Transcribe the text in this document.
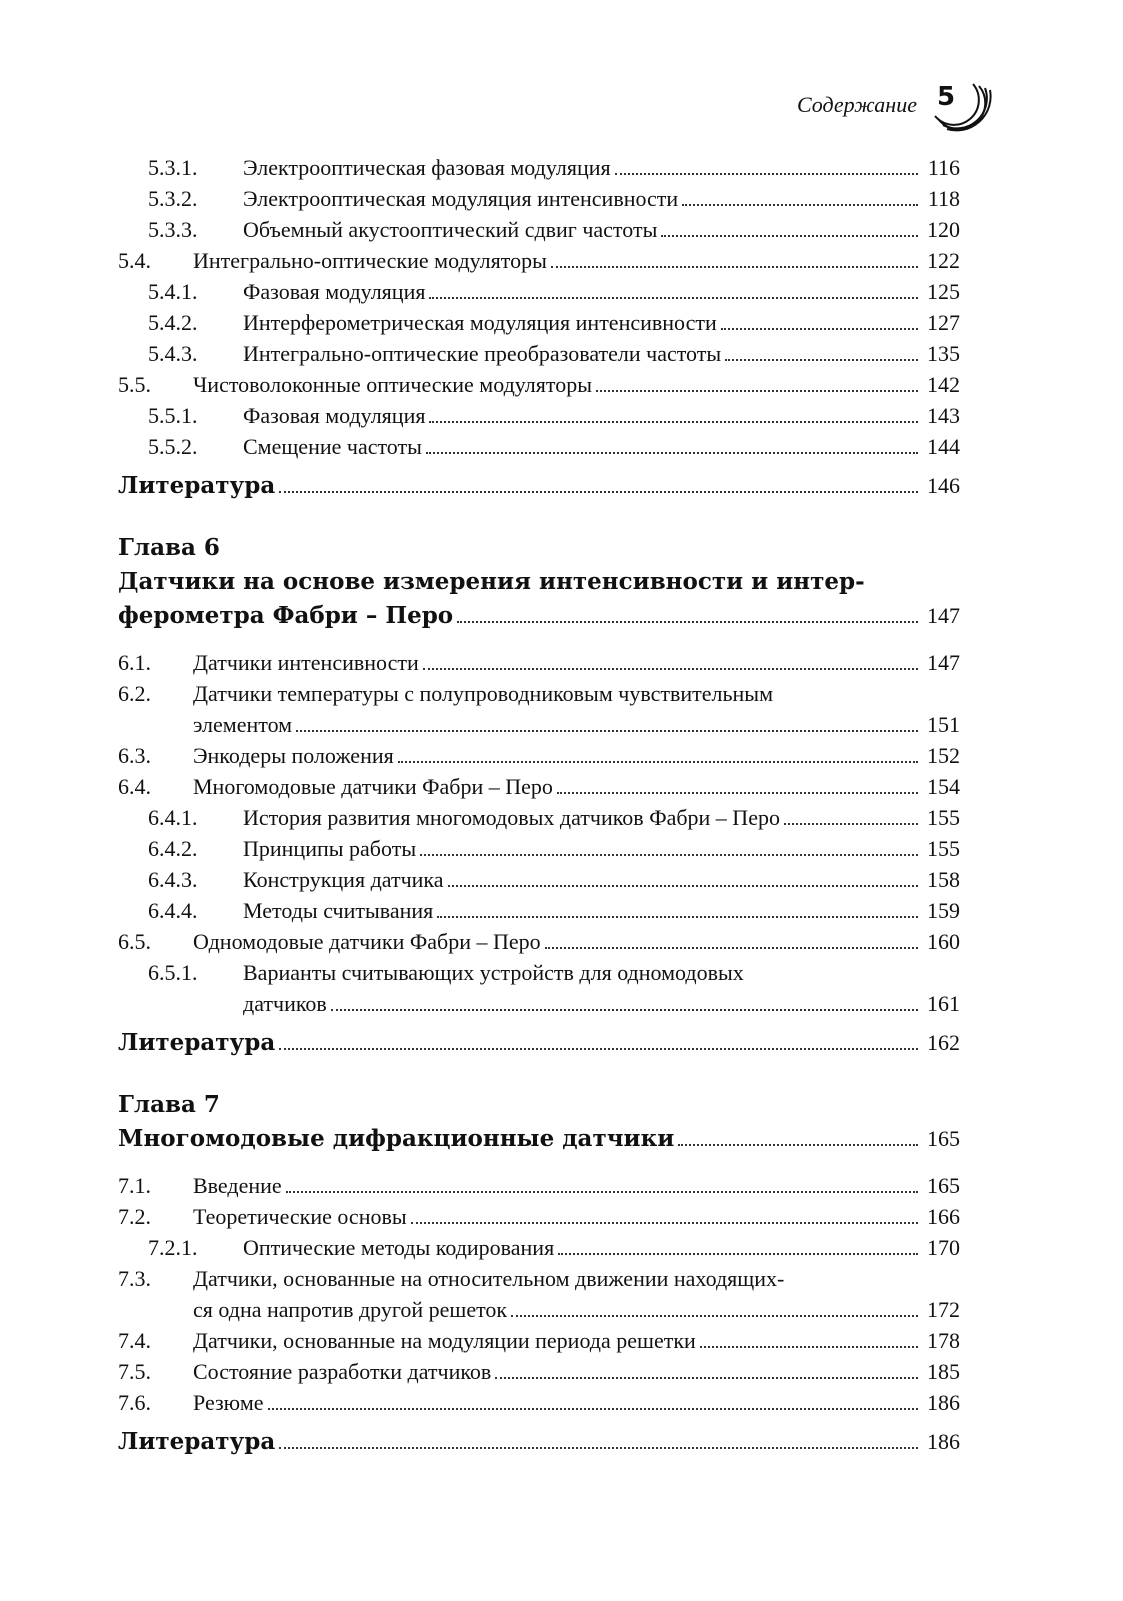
Содержание 5
5.3.1.	Электрооптическая фазовая модуляция	116
5.3.2.	Электрооптическая модуляция интенсивности	118
5.3.3.	Объемный акустооптический сдвиг частоты	120
5.4.	Интегрально-оптические модуляторы	122
5.4.1.	Фазовая модуляция	125
5.4.2.	Интерферометрическая модуляция интенсивности	127
5.4.3.	Интегрально-оптические преобразователи частоты	135
5.5.	Чистоволоконные оптические модуляторы	142
5.5.1.	Фазовая модуляция	143
5.5.2.	Смещение частоты	144
Литература	146
Глава 6
Датчики на основе измерения интенсивности и интер-
ферометра Фабри – Перо	147
6.1.	Датчики интенсивности	147
6.2.	Датчики температуры с полупроводниковым чувствительным
элементом	151
6.3.	Энкодеры положения	152
6.4.	Многомодовые датчики Фабри – Перо	154
6.4.1.	История развития многомодовых датчиков Фабри – Перо	155
6.4.2.	Принципы работы	155
6.4.3.	Конструкция датчика	158
6.4.4.	Методы считывания	159
6.5.	Одномодовые датчики Фабри – Перо	160
6.5.1.	Варианты считывающих устройств для одномодовых
датчиков	161
Литература	162
Глава 7
Многомодовые дифракционные датчики	165
7.1.	Введение	165
7.2.	Теоретические основы	166
7.2.1.	Оптические методы кодирования	170
7.3.	Датчики, основанные на относительном движении находящих-
ся одна напротив другой решеток	172
7.4.	Датчики, основанные на модуляции периода решетки	178
7.5.	Состояние разработки датчиков	185
7.6.	Резюме	186
Литература	186
